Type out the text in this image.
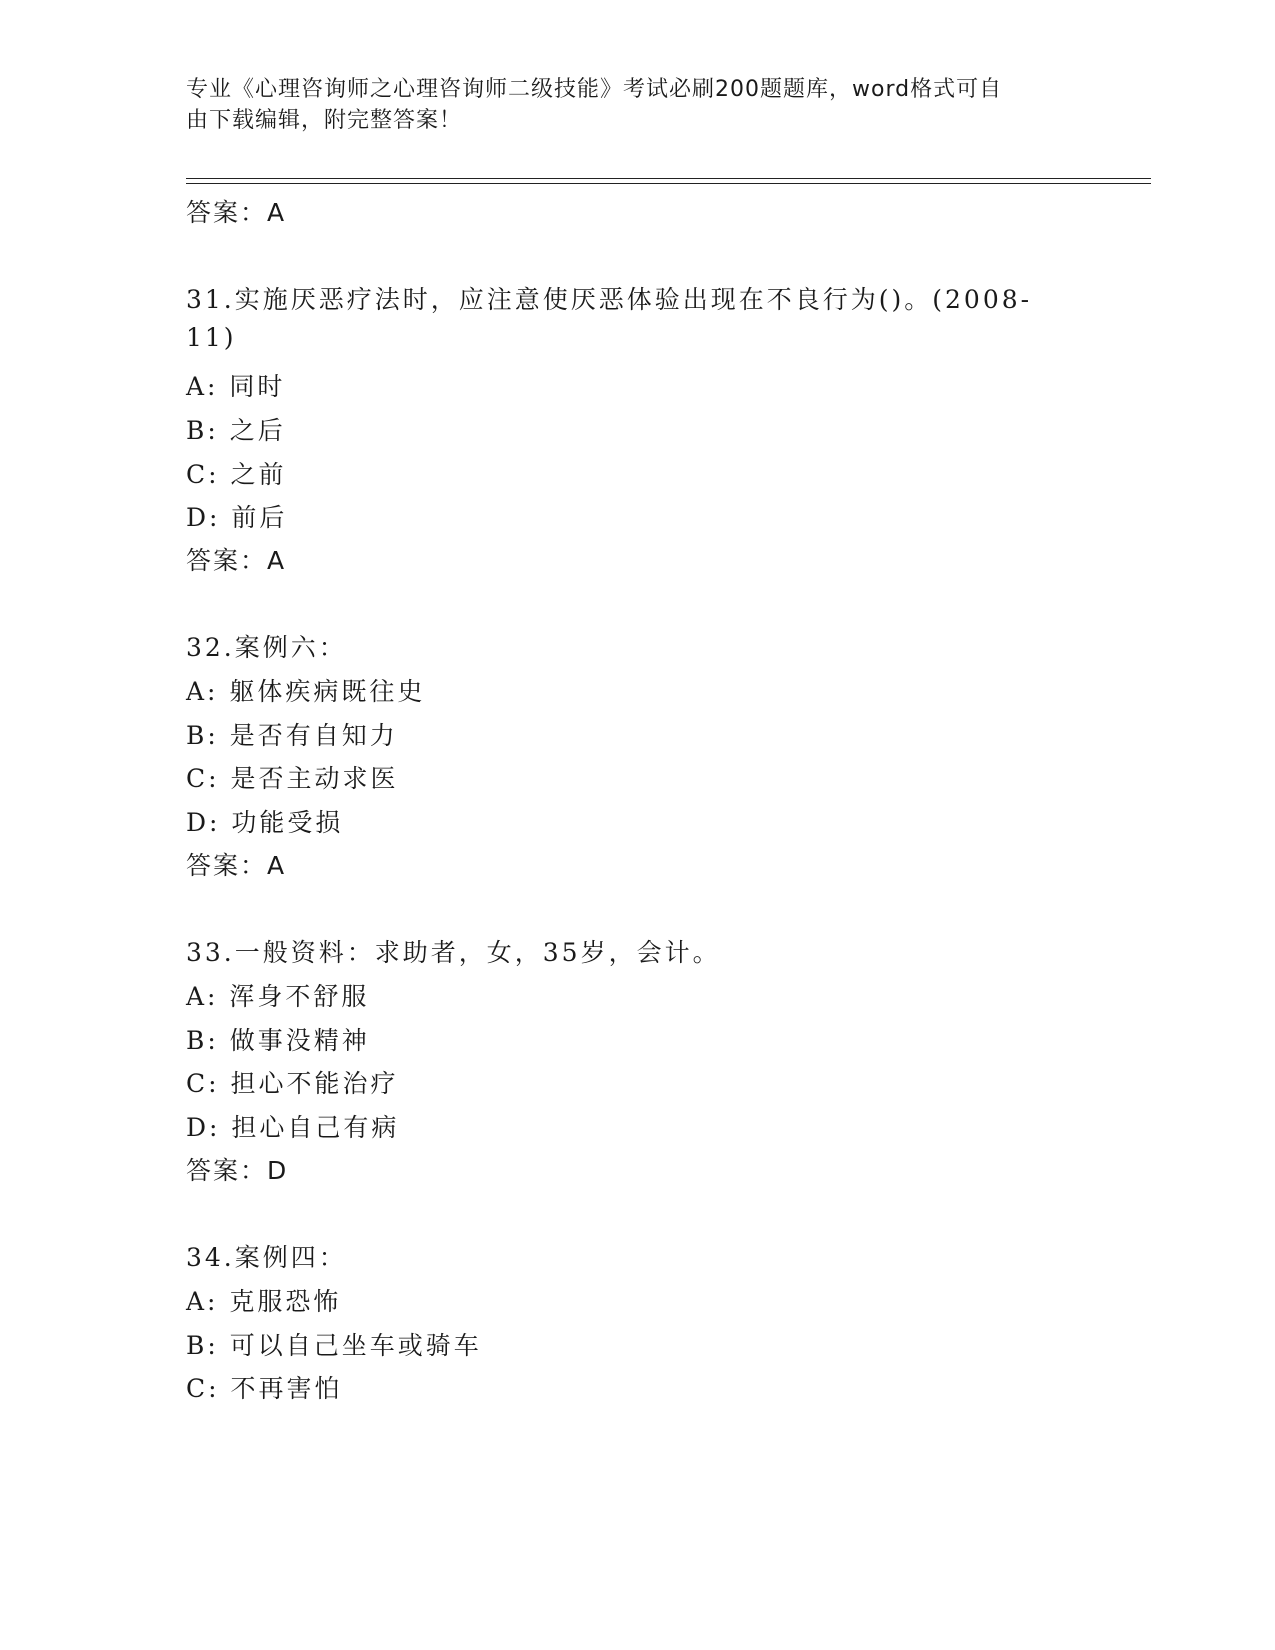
专业《心理咨询师之心理咨询师二级技能》考试必刷200题题库，word格式可自
由下载编辑，附完整答案！
答案：A
31.实施厌恶疗法时，应注意使厌恶体验出现在不良行为()。(2008-
11)
A: 同时
B: 之后
C: 之前
D: 前后
答案：A
32.案例六：
A: 躯体疾病既往史
B: 是否有自知力
C: 是否主动求医
D: 功能受损
答案：A
33.一般资料：求助者，女，35岁，会计。
A: 浑身不舒服
B: 做事没精神
C: 担心不能治疗
D: 担心自己有病
答案：D
34.案例四：
A: 克服恐怖
B: 可以自己坐车或骑车
C: 不再害怕
